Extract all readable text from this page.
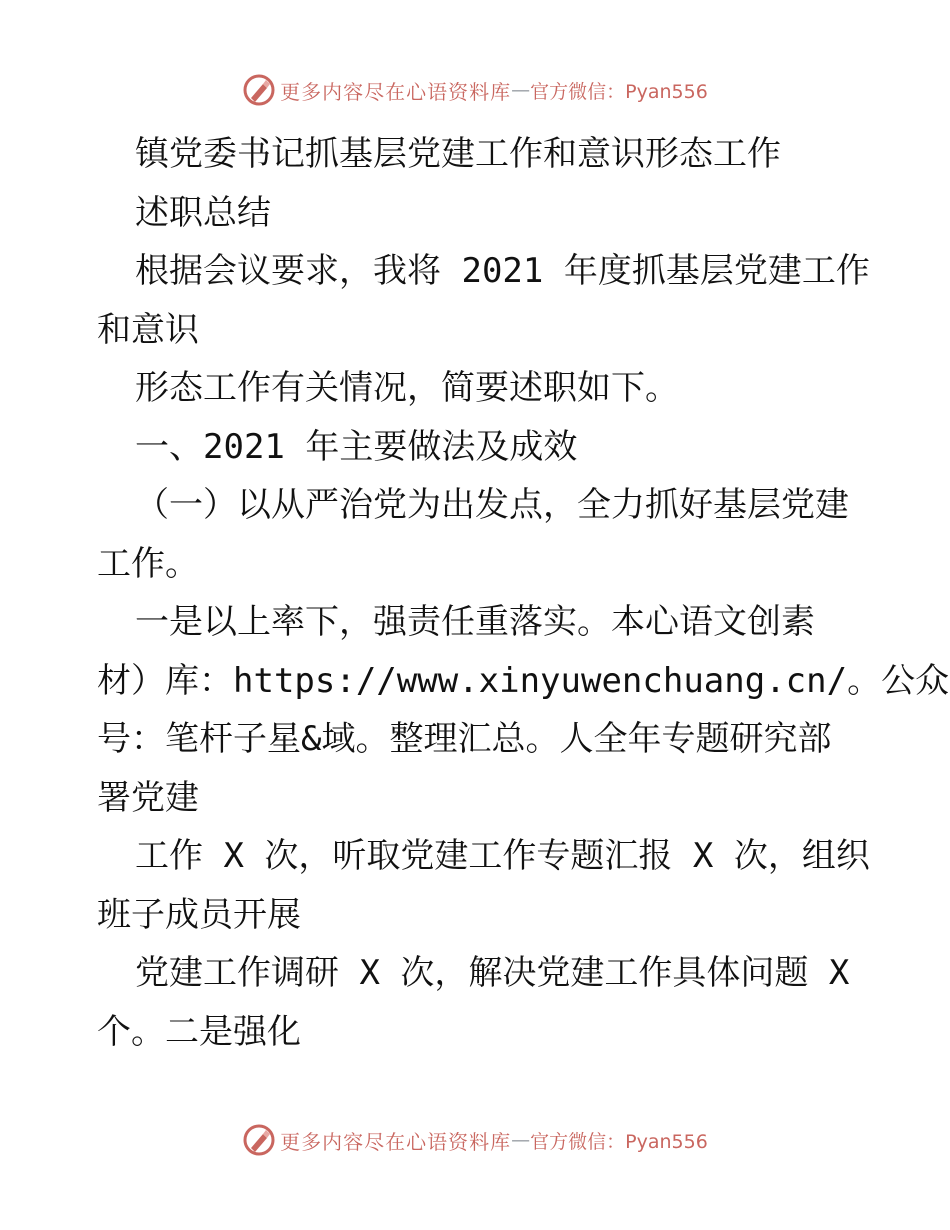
更多内容尽在心语资料库 — 官方微信：Pyan556
镇党委书记抓基层党建工作和意识形态工作
述职总结
根据会议要求，我将 2021 年度抓基层党建工作
和意识
形态工作有关情况，简要述职如下。
一、2021 年主要做法及成效
（一）以从严治党为出发点，全力抓好基层党建
工作。
一是以上率下，强责任重落实。本心语文创素
材）库：https://www.xinyuwenchuang.cn/。公众
号：笔杆子星&域。整理汇总。人全年专题研究部
署党建
工作 X 次，听取党建工作专题汇报 X 次，组织
班子成员开展
党建工作调研 X 次，解决党建工作具体问题 X
个。二是强化
更多内容尽在心语资料库 — 官方微信：Pyan556
